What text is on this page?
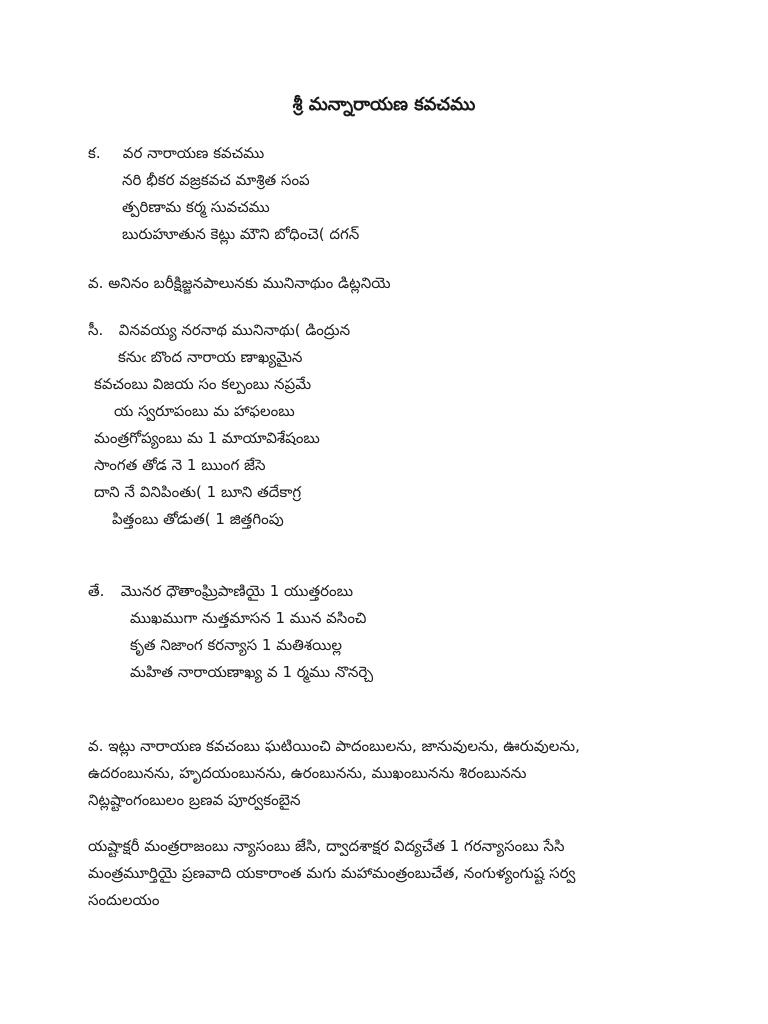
శ్రీ మన్నారాయణ కవచము
క. వర నారాయణ కవచము
నరి భీకర వజ్రకవచ మాశ్రిత సంప
త్పరిణామ కర్మ సువచము
బురుహూతున కెట్లు మౌని బోధించె( దగన్
వ. అనినం బరీక్షిజ్జనపాలునకు మునినాథుం డిట్లనియె
సీ. వినవయ్య నరనాథ మునినాథు( డింద్రున
కనుఁ బొంద నారాయ ణాఖ్యమైన
కవచంబు విజయ సం కల్పంబు నప్రమే
య స్వరూపంబు మ హాఫలంబు
మంత్రగోప్యంబు మ 1 మాయావిశేషంబు
సాంగత తోడ నె 1 ఋంగ జేసె
దాని నే వినిపింతు( 1 బూని తదేకాగ్ర
పిత్తంబు తోడుత( 1 జిత్తగింపు
తే. మొనర ధౌతాంఘ్రిపాణియై 1 యుత్తరంబు
ముఖముగా నుత్తమాసన 1 మున వసించి
కృత నిజాంగ కరన్యాస 1 మతిశయిల్ల
మహిత నారాయణాఖ్య వ 1 ర్మము నొనర్చె
వ. ఇట్లు నారాయణ కవచంబు ఘటియించి పాదంబులను, జానువులను, ఊరువులను,
ఉదరంబునను, హృదయంబునను, ఉరంబునను, ముఖంబునను శిరంబునను
నిట్లష్టాంగంబులం బ్రణవ పూర్వకంబైన
యష్టాక్షరీ మంత్రరాజంబు న్యాసంబు జేసి, ద్వాదశాక్షర విద్యచేత 1 గరన్యాసంబు సేసి
మంత్రమూర్తియై ప్రణవాది యకారాంత మగు మహామంత్రంబుచేత, నంగుళ్యంగుష్ట సర్వ
సందులయం
